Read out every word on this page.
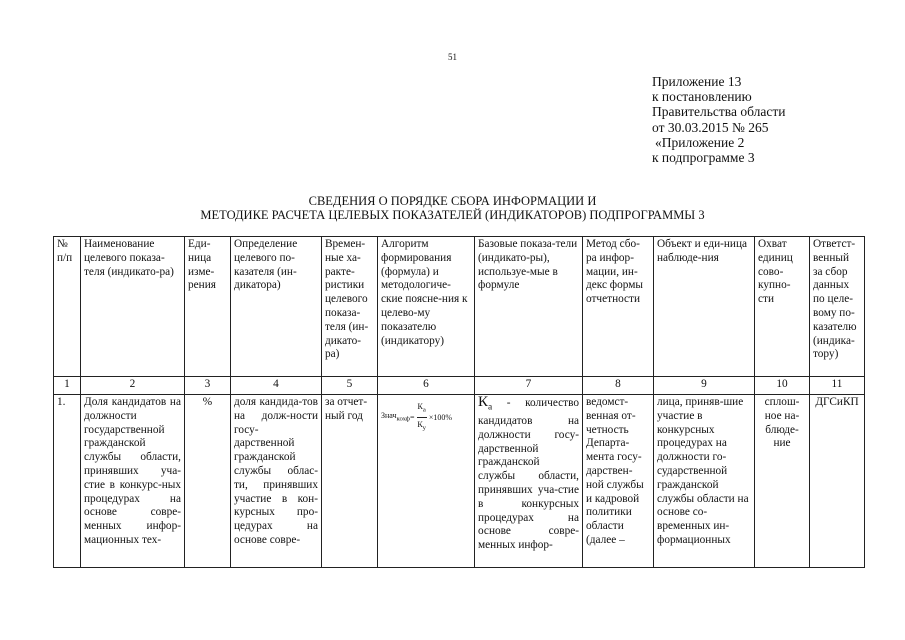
51
Приложение 13
к постановлению
Правительства области
от 30.03.2015 № 265
«Приложение 2
к подпрограмме 3
СВЕДЕНИЯ О ПОРЯДКЕ СБОРА ИНФОРМАЦИИ И
МЕТОДИКЕ РАСЧЕТА ЦЕЛЕВЫХ ПОКАЗАТЕЛЕЙ (ИНДИКАТОРОВ) ПОДПРОГРАММЫ 3
№ п/п	Наименование целевого показа-теля (индикато-ра)	Еди-ница изме-рения	Определение целевого по-казателя (ин-дикатора)	Времен-ные ха-ракте-ристики целевого показа-теля (ин-дикато-ра)	Алгоритм формирования (формула) и методологиче-ские поясне-ния к целево-му показателю (индикатору)	Базовые показа-тели (индикато-ры), используе-мые в формуле	Метод сбо-ра инфор-мации, ин-декс формы отчетности	Объект и еди-ница наблюде-ния	Охват единиц сово-купно-сти	Ответст-венный за сбор данных по целе-вому по-казателю (индика-тору)
1	2	3	4	5	6	7	8	9	10	11
1.	Доля кандидатов на должности государственной гражданской службы области, принявших уча-стие в конкурс-ных процедурах на основе совре-менных инфор-мационных тех-	%	доля кандида-тов на долж-ности госу-дарственной гражданской службы облас-ти, принявших участие в кон-курсных про-цедурах на основе совре-	за отчет-ный год	Знач$_{кохф}$ = $\frac{К_а}{К_у} \times 100\%$	$К_а$ - количество кандидатов на должности госу-дарственной гражданской службы области, принявших уча-стие в конкурсных процедурах на основе совре-менных инфор-	ведомст-венная от-четность Департа-мента госу-дарствен-ной службы и кадровой политики области (далее –	лица, приняв-шие участие в конкурсных процедурах на должности го-сударственной гражданской службы области на основе со-временных ин-формационных	сплош-ное на-блюде-ние	ДГСиКП
